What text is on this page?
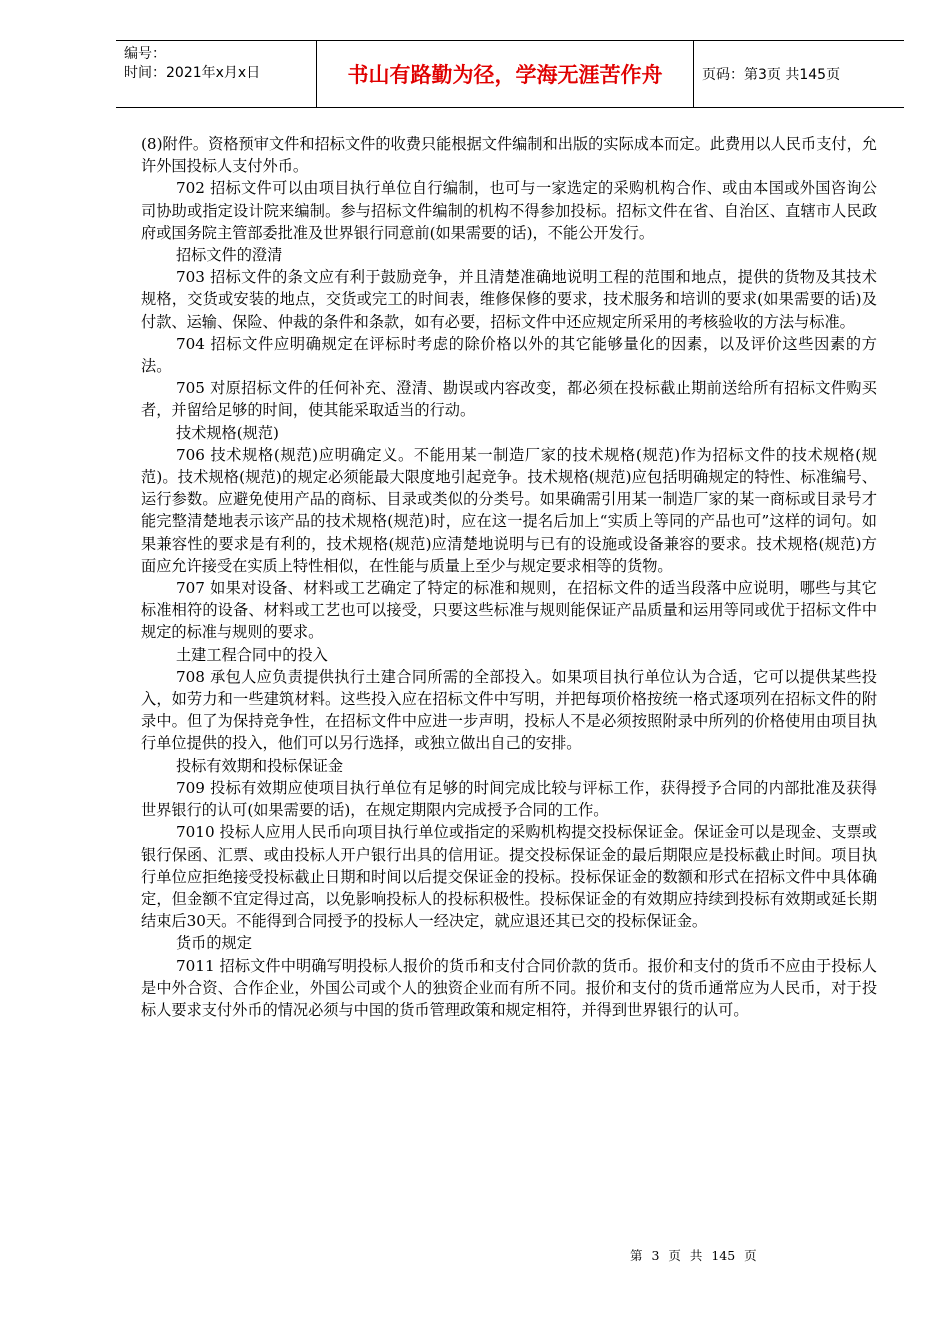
编号：
时间：2021年x月x日	书山有路勤为径，学海无涯苦作舟	页码：第3页 共145页

(8)附件。资格预审文件和招标文件的收费只能根据文件编制和出版的实际成本而定。此费用以人民币支付，允许外国投标人支付外币。

702 招标文件可以由项目执行单位自行编制，也可与一家选定的采购机构合作、或由本国或外国咨询公司协助或指定设计院来编制。参与招标文件编制的机构不得参加投标。招标文件在省、自治区、直辖市人民政府或国务院主管部委批准及世界银行同意前(如果需要的话)，不能公开发行。

招标文件的澄清

703 招标文件的条文应有利于鼓励竞争，并且清楚准确地说明工程的范围和地点，提供的货物及其技术规格，交货或安装的地点，交货或完工的时间表，维修保修的要求，技术服务和培训的要求(如果需要的话)及付款、运输、保险、仲裁的条件和条款，如有必要，招标文件中还应规定所采用的考核验收的方法与标准。

704 招标文件应明确规定在评标时考虑的除价格以外的其它能够量化的因素，以及评价这些因素的方法。

705 对原招标文件的任何补充、澄清、勘误或内容改变，都必须在投标截止期前送给所有招标文件购买者，并留给足够的时间，使其能采取适当的行动。

技术规格(规范)

706 技术规格(规范)应明确定义。不能用某一制造厂家的技术规格(规范)作为招标文件的技术规格(规范)。技术规格(规范)的规定必须能最大限度地引起竞争。技术规格(规范)应包括明确规定的特性、标准编号、运行参数。应避免使用产品的商标、目录或类似的分类号。如果确需引用某一制造厂家的某一商标或目录号才能完整清楚地表示该产品的技术规格(规范)时，应在这一提名后加上“实质上等同的产品也可”这样的词句。如果兼容性的要求是有利的，技术规格(规范)应清楚地说明与已有的设施或设备兼容的要求。技术规格(规范)方面应允许接受在实质上特性相似，在性能与质量上至少与规定要求相等的货物。

707 如果对设备、材料或工艺确定了特定的标准和规则，在招标文件的适当段落中应说明，哪些与其它标准相符的设备、材料或工艺也可以接受，只要这些标准与规则能保证产品质量和运用等同或优于招标文件中规定的标准与规则的要求。

土建工程合同中的投入

708 承包人应负责提供执行土建合同所需的全部投入。如果项目执行单位认为合适，它可以提供某些投入，如劳力和一些建筑材料。这些投入应在招标文件中写明，并把每项价格按统一格式逐项列在招标文件的附录中。但了为保持竞争性，在招标文件中应进一步声明，投标人不是必须按照附录中所列的价格使用由项目执行单位提供的投入，他们可以另行选择，或独立做出自己的安排。

投标有效期和投标保证金

709 投标有效期应使项目执行单位有足够的时间完成比较与评标工作，获得授予合同的内部批准及获得世界银行的认可(如果需要的话)，在规定期限内完成授予合同的工作。

7010 投标人应用人民币向项目执行单位或指定的采购机构提交投标保证金。保证金可以是现金、支票或银行保函、汇票、或由投标人开户银行出具的信用证。提交投标保证金的最后期限应是投标截止时间。项目执行单位应拒绝接受投标截止日期和时间以后提交保证金的投标。投标保证金的数额和形式在招标文件中具体确定，但金额不宜定得过高，以免影响投标人的投标积极性。投标保证金的有效期应持续到投标有效期或延长期结束后30天。不能得到合同授予的投标人一经决定，就应退还其已交的投标保证金。

货币的规定

7011 招标文件中明确写明投标人报价的货币和支付合同价款的货币。报价和支付的货币不应由于投标人是中外合资、合作企业，外国公司或个人的独资企业而有所不同。报价和支付的货币通常应为人民币，对于投标人要求支付外币的情况必须与中国的货币管理政策和规定相符，并得到世界银行的认可。

第 3 页 共 145 页
